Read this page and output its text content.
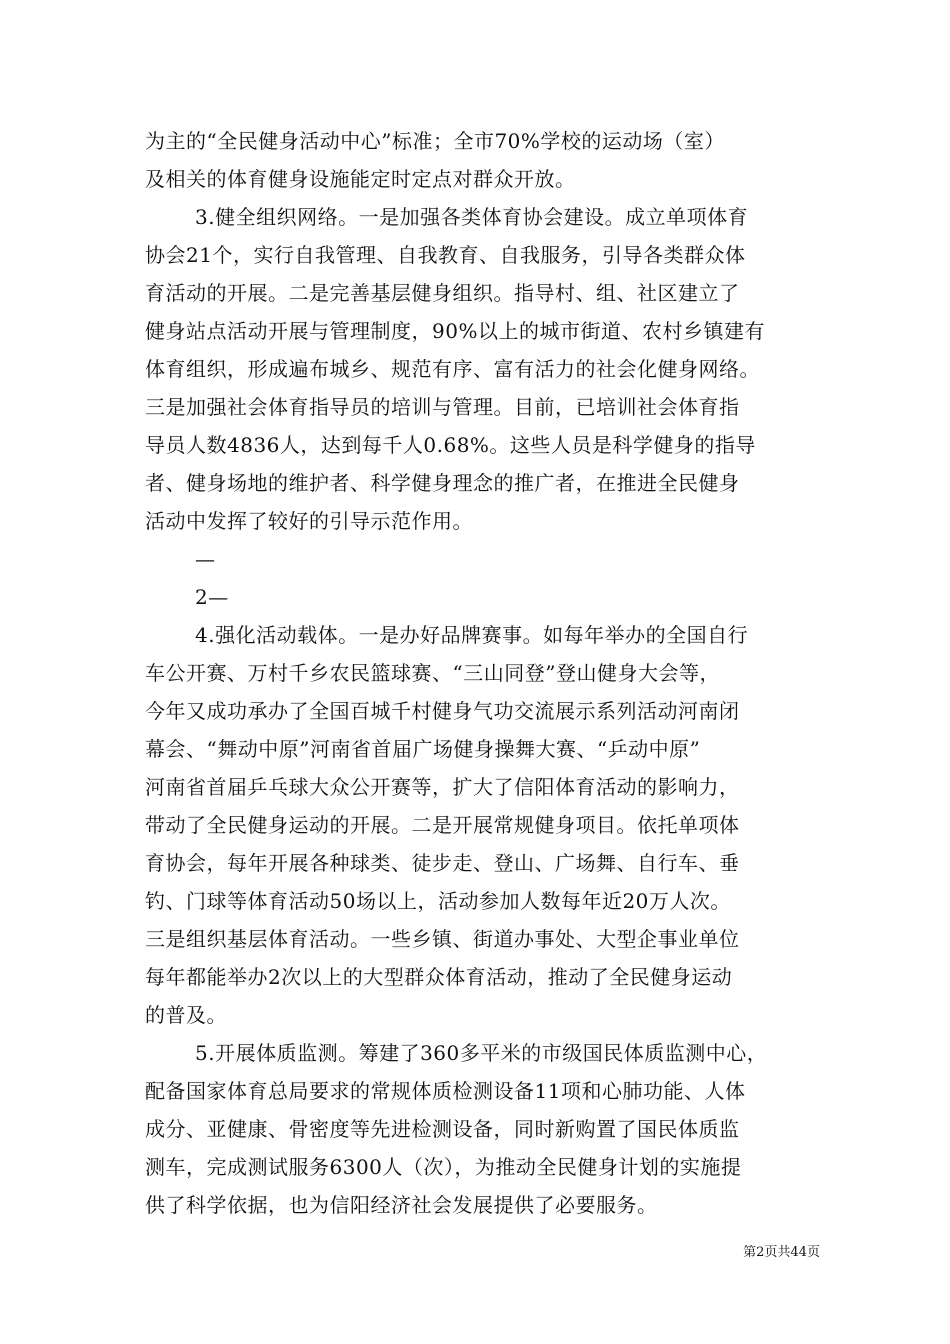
为主的“全民健身活动中心”标准；全市70%学校的运动场（室）
及相关的体育健身设施能定时定点对群众开放。
3.健全组织网络。一是加强各类体育协会建设。成立单项体育
协会21个，实行自我管理、自我教育、自我服务，引导各类群众体
育活动的开展。二是完善基层健身组织。指导村、组、社区建立了
健身站点活动开展与管理制度，90%以上的城市街道、农村乡镇建有
体育组织，形成遍布城乡、规范有序、富有活力的社会化健身网络。
三是加强社会体育指导员的培训与管理。目前，已培训社会体育指
导员人数4836人，达到每千人0.68%。这些人员是科学健身的指导
者、健身场地的维护者、科学健身理念的推广者，在推进全民健身
活动中发挥了较好的引导示范作用。
—
2—
4.强化活动载体。一是办好品牌赛事。如每年举办的全国自行
车公开赛、万村千乡农民篮球赛、“三山同登”登山健身大会等，
今年又成功承办了全国百城千村健身气功交流展示系列活动河南闭
幕会、“舞动中原”河南省首届广场健身操舞大赛、“乒动中原”
河南省首届乒乓球大众公开赛等，扩大了信阳体育活动的影响力，
带动了全民健身运动的开展。二是开展常规健身项目。依托单项体
育协会，每年开展各种球类、徒步走、登山、广场舞、自行车、垂
钓、门球等体育活动50场以上，活动参加人数每年近20万人次。
三是组织基层体育活动。一些乡镇、街道办事处、大型企事业单位
每年都能举办2次以上的大型群众体育活动，推动了全民健身运动
的普及。
5.开展体质监测。筹建了360多平米的市级国民体质监测中心，
配备国家体育总局要求的常规体质检测设备11项和心肺功能、人体
成分、亚健康、骨密度等先进检测设备，同时新购置了国民体质监
测车，完成测试服务6300人（次），为推动全民健身计划的实施提
供了科学依据，也为信阳经济社会发展提供了必要服务。
第2页共44页
